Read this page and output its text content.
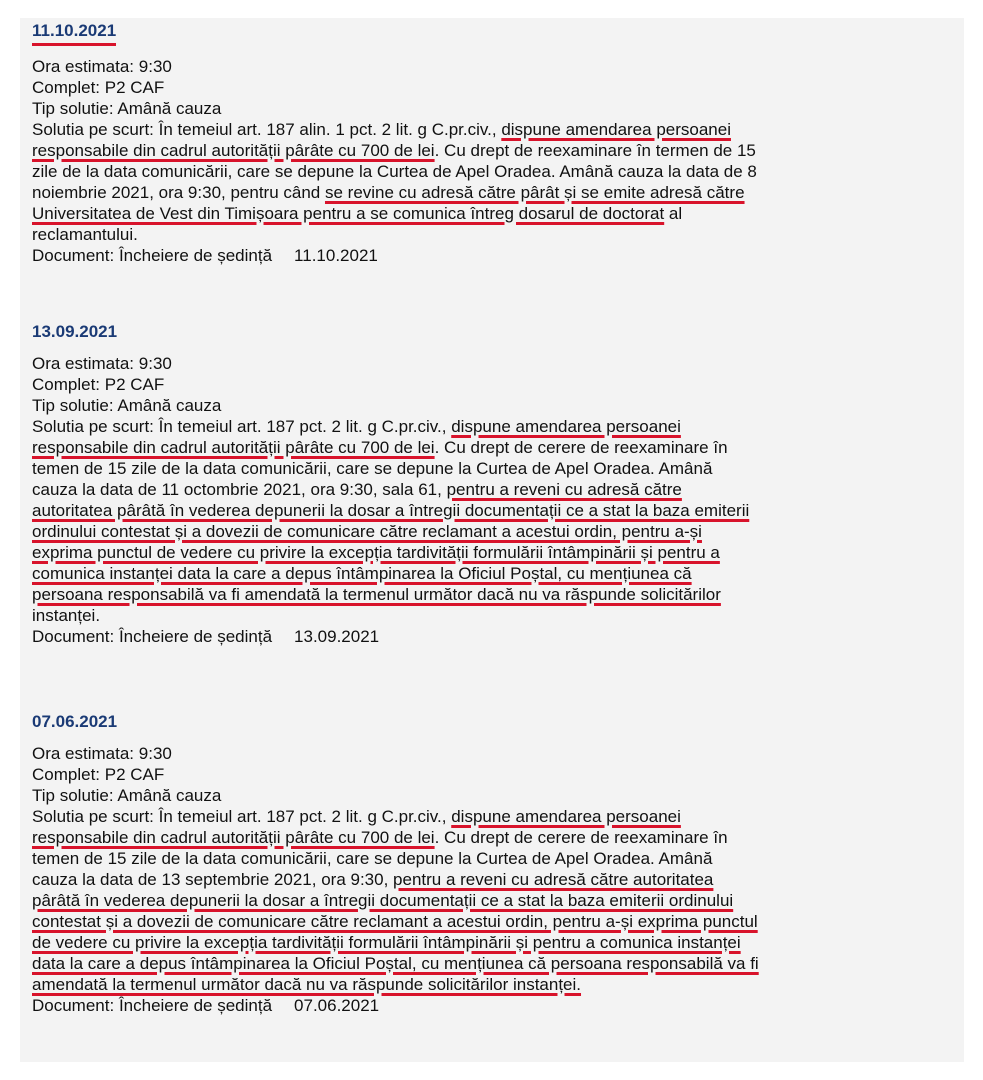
11.10.2021
Ora estimata: 9:30
Complet: P2 CAF
Tip solutie: Amână cauza
Solutia pe scurt: În temeiul art. 187 alin. 1 pct. 2 lit. g C.pr.civ., dispune amendarea persoanei
responsabile din cadrul autorității pârâte cu 700 de lei. Cu drept de reexaminare în termen de 15
zile de la data comunicării, care se depune la Curtea de Apel Oradea. Amână cauza la data de 8
noiembrie 2021, ora 9:30, pentru când se revine cu adresă către pârât și se emite adresă către
Universitatea de Vest din Timișoara pentru a se comunica întreg dosarul de doctorat al
reclamantului.
Document: Încheiere de ședință 11.10.2021
13.09.2021
Ora estimata: 9:30
Complet: P2 CAF
Tip solutie: Amână cauza
Solutia pe scurt: În temeiul art. 187 pct. 2 lit. g C.pr.civ., dispune amendarea persoanei
responsabile din cadrul autorității pârâte cu 700 de lei. Cu drept de cerere de reexaminare în
temen de 15 zile de la data comunicării, care se depune la Curtea de Apel Oradea. Amână
cauza la data de 11 octombrie 2021, ora 9:30, sala 61, pentru a reveni cu adresă către
autoritatea pârâtă în vederea depunerii la dosar a întregii documentații ce a stat la baza emiterii
ordinului contestat și a dovezii de comunicare către reclamant a acestui ordin, pentru a-și
exprima punctul de vedere cu privire la excepția tardivității formulării întâmpinării și pentru a
comunica instanței data la care a depus întâmpinarea la Oficiul Poștal, cu mențiunea că
persoana responsabilă va fi amendată la termenul următor dacă nu va răspunde solicitărilor
instanței.
Document: Încheiere de ședință 13.09.2021
07.06.2021
Ora estimata: 9:30
Complet: P2 CAF
Tip solutie: Amână cauza
Solutia pe scurt: În temeiul art. 187 pct. 2 lit. g C.pr.civ., dispune amendarea persoanei
responsabile din cadrul autorității pârâte cu 700 de lei. Cu drept de cerere de reexaminare în
temen de 15 zile de la data comunicării, care se depune la Curtea de Apel Oradea. Amână
cauza la data de 13 septembrie 2021, ora 9:30, pentru a reveni cu adresă către autoritatea
pârâtă în vederea depunerii la dosar a întregii documentații ce a stat la baza emiterii ordinului
contestat și a dovezii de comunicare către reclamant a acestui ordin, pentru a-și exprima punctul
de vedere cu privire la excepția tardivității formulării întâmpinării și pentru a comunica instanței
data la care a depus întâmpinarea la Oficiul Poștal, cu mențiunea că persoana responsabilă va fi
amendată la termenul următor dacă nu va răspunde solicitărilor instanței.
Document: Încheiere de ședință 07.06.2021
